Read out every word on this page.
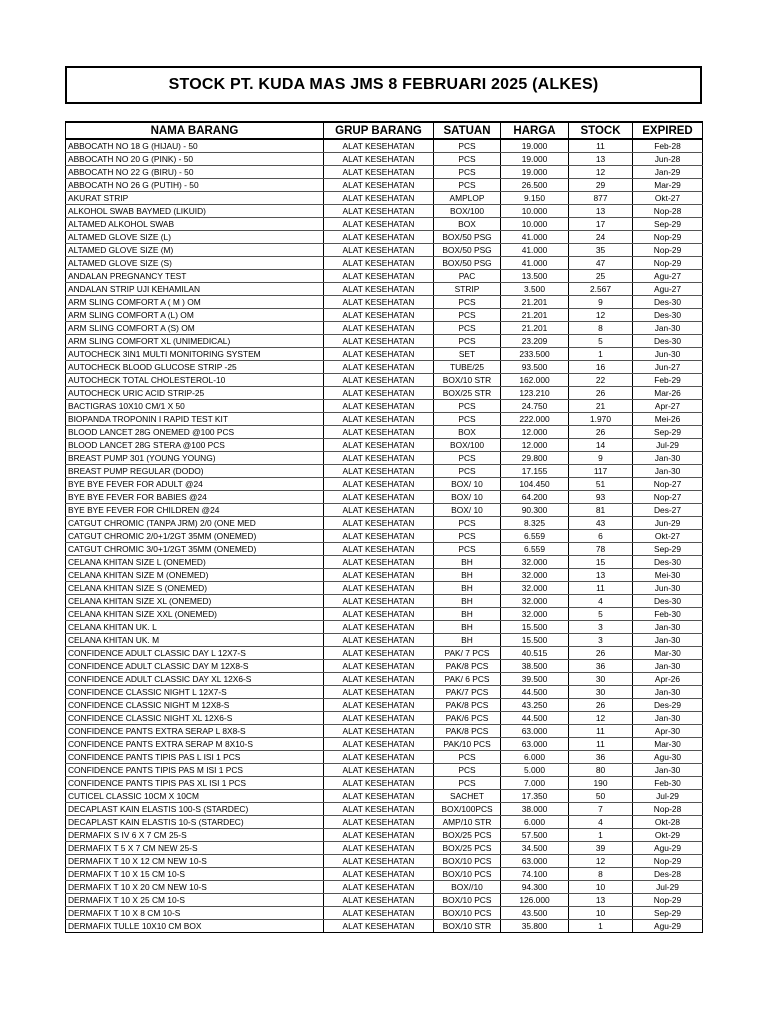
STOCK PT. KUDA MAS JMS 8 FEBRUARI 2025 (ALKES)
NAMA BARANG	GRUP BARANG	SATUAN	HARGA	STOCK	EXPIRED
ABBOCATH NO 18 G (HIJAU) - 50	ALAT KESEHATAN	PCS	19.000	11	Feb-28
ABBOCATH NO 20 G (PINK) - 50	ALAT KESEHATAN	PCS	19.000	13	Jun-28
ABBOCATH NO 22 G (BIRU) - 50	ALAT KESEHATAN	PCS	19.000	12	Jan-29
ABBOCATH NO 26 G (PUTIH) - 50	ALAT KESEHATAN	PCS	26.500	29	Mar-29
AKURAT STRIP	ALAT KESEHATAN	AMPLOP	9.150	877	Okt-27
ALKOHOL SWAB BAYMED (LIKUID)	ALAT KESEHATAN	BOX/100	10.000	13	Nop-28
ALTAMED ALKOHOL SWAB	ALAT KESEHATAN	BOX	10.000	17	Sep-29
ALTAMED GLOVE SIZE (L)	ALAT KESEHATAN	BOX/50 PSG	41.000	24	Nop-29
ALTAMED GLOVE SIZE (M)	ALAT KESEHATAN	BOX/50 PSG	41.000	35	Nop-29
ALTAMED GLOVE SIZE (S)	ALAT KESEHATAN	BOX/50 PSG	41.000	47	Nop-29
ANDALAN PREGNANCY TEST	ALAT KESEHATAN	PAC	13.500	25	Agu-27
ANDALAN STRIP UJI KEHAMILAN	ALAT KESEHATAN	STRIP	3.500	2.567	Agu-27
ARM SLING COMFORT A ( M ) OM	ALAT KESEHATAN	PCS	21.201	9	Des-30
ARM SLING COMFORT A (L) OM	ALAT KESEHATAN	PCS	21.201	12	Des-30
ARM SLING COMFORT A (S) OM	ALAT KESEHATAN	PCS	21.201	8	Jan-30
ARM SLING COMFORT XL (UNIMEDICAL)	ALAT KESEHATAN	PCS	23.209	5	Des-30
AUTOCHECK 3IN1 MULTI MONITORING SYSTEM	ALAT KESEHATAN	SET	233.500	1	Jun-30
AUTOCHECK BLOOD GLUCOSE STRIP -25	ALAT KESEHATAN	TUBE/25	93.500	16	Jun-27
AUTOCHECK TOTAL CHOLESTEROL-10	ALAT KESEHATAN	BOX/10 STR	162.000	22	Feb-29
AUTOCHECK URIC ACID STRIP-25	ALAT KESEHATAN	BOX/25 STR	123.210	26	Mar-26
BACTIGRAS 10X10 CM/1 X 50	ALAT KESEHATAN	PCS	24.750	21	Apr-27
BIOPANDA TROPONIN I RAPID TEST KIT	ALAT KESEHATAN	PCS	222.000	1.970	Mei-26
BLOOD LANCET 28G ONEMED @100 PCS	ALAT KESEHATAN	BOX	12.000	26	Sep-29
BLOOD LANCET 28G STERA @100 PCS	ALAT KESEHATAN	BOX/100	12.000	14	Jul-29
BREAST PUMP 301 (YOUNG YOUNG)	ALAT KESEHATAN	PCS	29.800	9	Jan-30
BREAST PUMP REGULAR (DODO)	ALAT KESEHATAN	PCS	17.155	117	Jan-30
BYE BYE FEVER FOR ADULT @24	ALAT KESEHATAN	BOX/ 10	104.450	51	Nop-27
BYE BYE FEVER FOR BABIES @24	ALAT KESEHATAN	BOX/ 10	64.200	93	Nop-27
BYE BYE FEVER FOR CHILDREN @24	ALAT KESEHATAN	BOX/ 10	90.300	81	Des-27
CATGUT CHROMIC (TANPA JRM) 2/0 (ONE MED	ALAT KESEHATAN	PCS	8.325	43	Jun-29
CATGUT CHROMIC 2/0+1/2GT 35MM (ONEMED)	ALAT KESEHATAN	PCS	6.559	6	Okt-27
CATGUT CHROMIC 3/0+1/2GT 35MM (ONEMED)	ALAT KESEHATAN	PCS	6.559	78	Sep-29
CELANA KHITAN SIZE L (ONEMED)	ALAT KESEHATAN	BH	32.000	15	Des-30
CELANA KHITAN SIZE M (ONEMED)	ALAT KESEHATAN	BH	32.000	13	Mei-30
CELANA KHITAN SIZE S (ONEMED)	ALAT KESEHATAN	BH	32.000	11	Jun-30
CELANA KHITAN SIZE XL (ONEMED)	ALAT KESEHATAN	BH	32.000	4	Des-30
CELANA KHITAN SIZE XXL (ONEMED)	ALAT KESEHATAN	BH	32.000	5	Feb-30
CELANA KHITAN UK. L	ALAT KESEHATAN	BH	15.500	3	Jan-30
CELANA KHITAN UK. M	ALAT KESEHATAN	BH	15.500	3	Jan-30
CONFIDENCE ADULT CLASSIC DAY L 12X7-S	ALAT KESEHATAN	PAK/ 7 PCS	40.515	26	Mar-30
CONFIDENCE ADULT CLASSIC DAY M 12X8-S	ALAT KESEHATAN	PAK/8 PCS	38.500	36	Jan-30
CONFIDENCE ADULT CLASSIC DAY XL 12X6-S	ALAT KESEHATAN	PAK/ 6 PCS	39.500	30	Apr-26
CONFIDENCE CLASSIC NIGHT L 12X7-S	ALAT KESEHATAN	PAK/7 PCS	44.500	30	Jan-30
CONFIDENCE CLASSIC NIGHT M 12X8-S	ALAT KESEHATAN	PAK/8 PCS	43.250	26	Des-29
CONFIDENCE CLASSIC NIGHT XL 12X6-S	ALAT KESEHATAN	PAK/6 PCS	44.500	12	Jan-30
CONFIDENCE PANTS EXTRA SERAP L 8X8-S	ALAT KESEHATAN	PAK/8 PCS	63.000	11	Apr-30
CONFIDENCE PANTS EXTRA SERAP M 8X10-S	ALAT KESEHATAN	PAK/10 PCS	63.000	11	Mar-30
CONFIDENCE PANTS TIPIS PAS L ISI 1 PCS	ALAT KESEHATAN	PCS	6.000	36	Agu-30
CONFIDENCE PANTS TIPIS PAS M ISI 1 PCS	ALAT KESEHATAN	PCS	5.000	80	Jan-30
CONFIDENCE PANTS TIPIS PAS XL ISI 1 PCS	ALAT KESEHATAN	PCS	7.000	190	Feb-30
CUTICEL CLASSIC 10CM X 10CM	ALAT KESEHATAN	SACHET	17.350	50	Jul-29
DECAPLAST KAIN ELASTIS 100-S (STARDEC)	ALAT KESEHATAN	BOX/100PCS	38.000	7	Nop-28
DECAPLAST KAIN ELASTIS 10-S (STARDEC)	ALAT KESEHATAN	AMP/10 STR	6.000	4	Okt-28
DERMAFIX S IV 6 X 7 CM 25-S	ALAT KESEHATAN	BOX/25 PCS	57.500	1	Okt-29
DERMAFIX T 5 X 7 CM NEW 25-S	ALAT KESEHATAN	BOX/25 PCS	34.500	39	Agu-29
DERMAFIX T 10 X 12 CM NEW 10-S	ALAT KESEHATAN	BOX/10 PCS	63.000	12	Nop-29
DERMAFIX T 10 X 15 CM 10-S	ALAT KESEHATAN	BOX/10 PCS	74.100	8	Des-28
DERMAFIX T 10 X 20 CM NEW 10-S	ALAT KESEHATAN	BOX//10	94.300	10	Jul-29
DERMAFIX T 10 X 25 CM 10-S	ALAT KESEHATAN	BOX/10 PCS	126.000	13	Nop-29
DERMAFIX T 10 X 8 CM 10-S	ALAT KESEHATAN	BOX/10 PCS	43.500	10	Sep-29
DERMAFIX TULLE 10X10 CM BOX	ALAT KESEHATAN	BOX/10 STR	35.800	1	Agu-29
